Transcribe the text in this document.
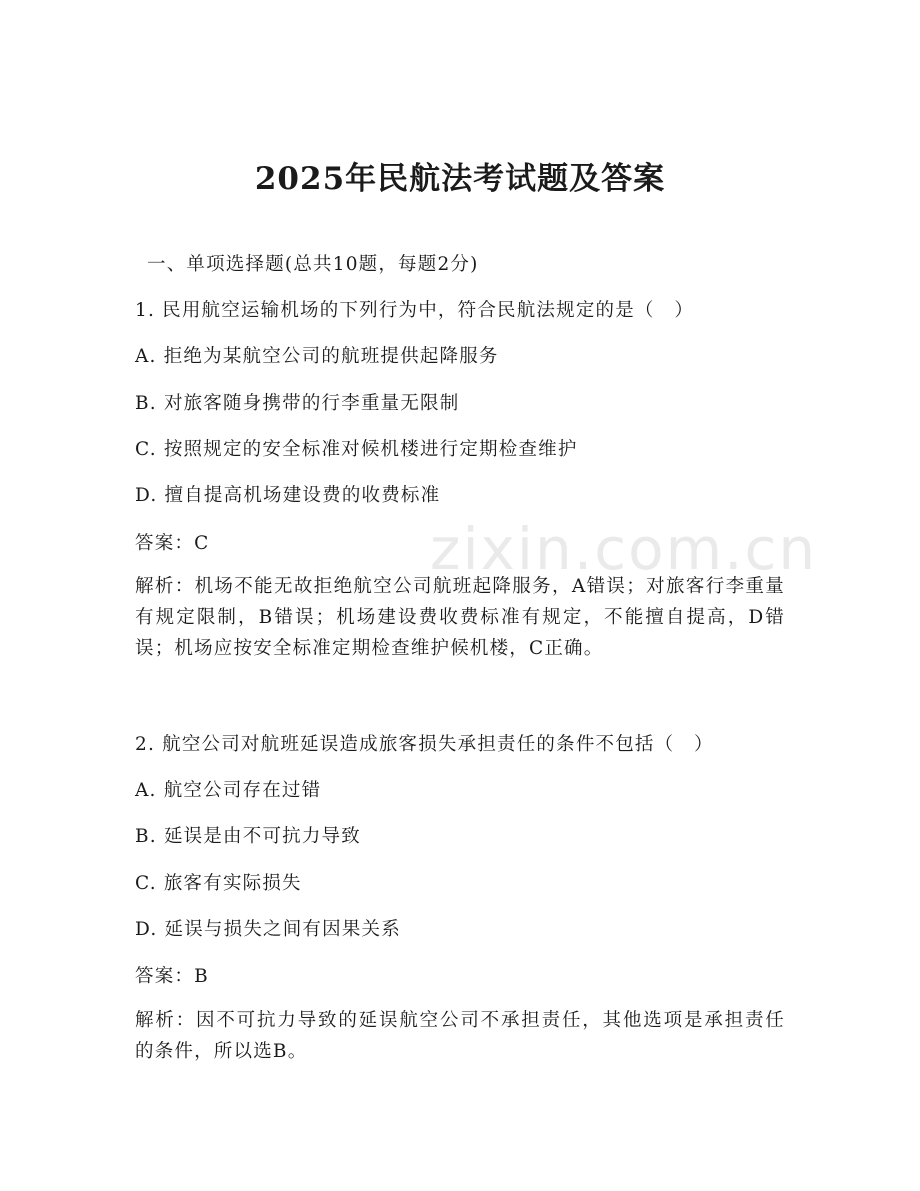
2025年民航法考试题及答案
一、单项选择题(总共10题，每题2分)
1. 民用航空运输机场的下列行为中，符合民航法规定的是（　）
A. 拒绝为某航空公司的航班提供起降服务
B. 对旅客随身携带的行李重量无限制
C. 按照规定的安全标准对候机楼进行定期检查维护
D. 擅自提高机场建设费的收费标准
答案：C
解析：机场不能无故拒绝航空公司航班起降服务，A错误；对旅客行李重量有规定限制，B错误；机场建设费收费标准有规定，不能擅自提高，D错误；机场应按安全标准定期检查维护候机楼，C正确。
2. 航空公司对航班延误造成旅客损失承担责任的条件不包括（　）
A. 航空公司存在过错
B. 延误是由不可抗力导致
C. 旅客有实际损失
D. 延误与损失之间有因果关系
答案：B
解析：因不可抗力导致的延误航空公司不承担责任，其他选项是承担责任的条件，所以选B。
zixin.com.cn
